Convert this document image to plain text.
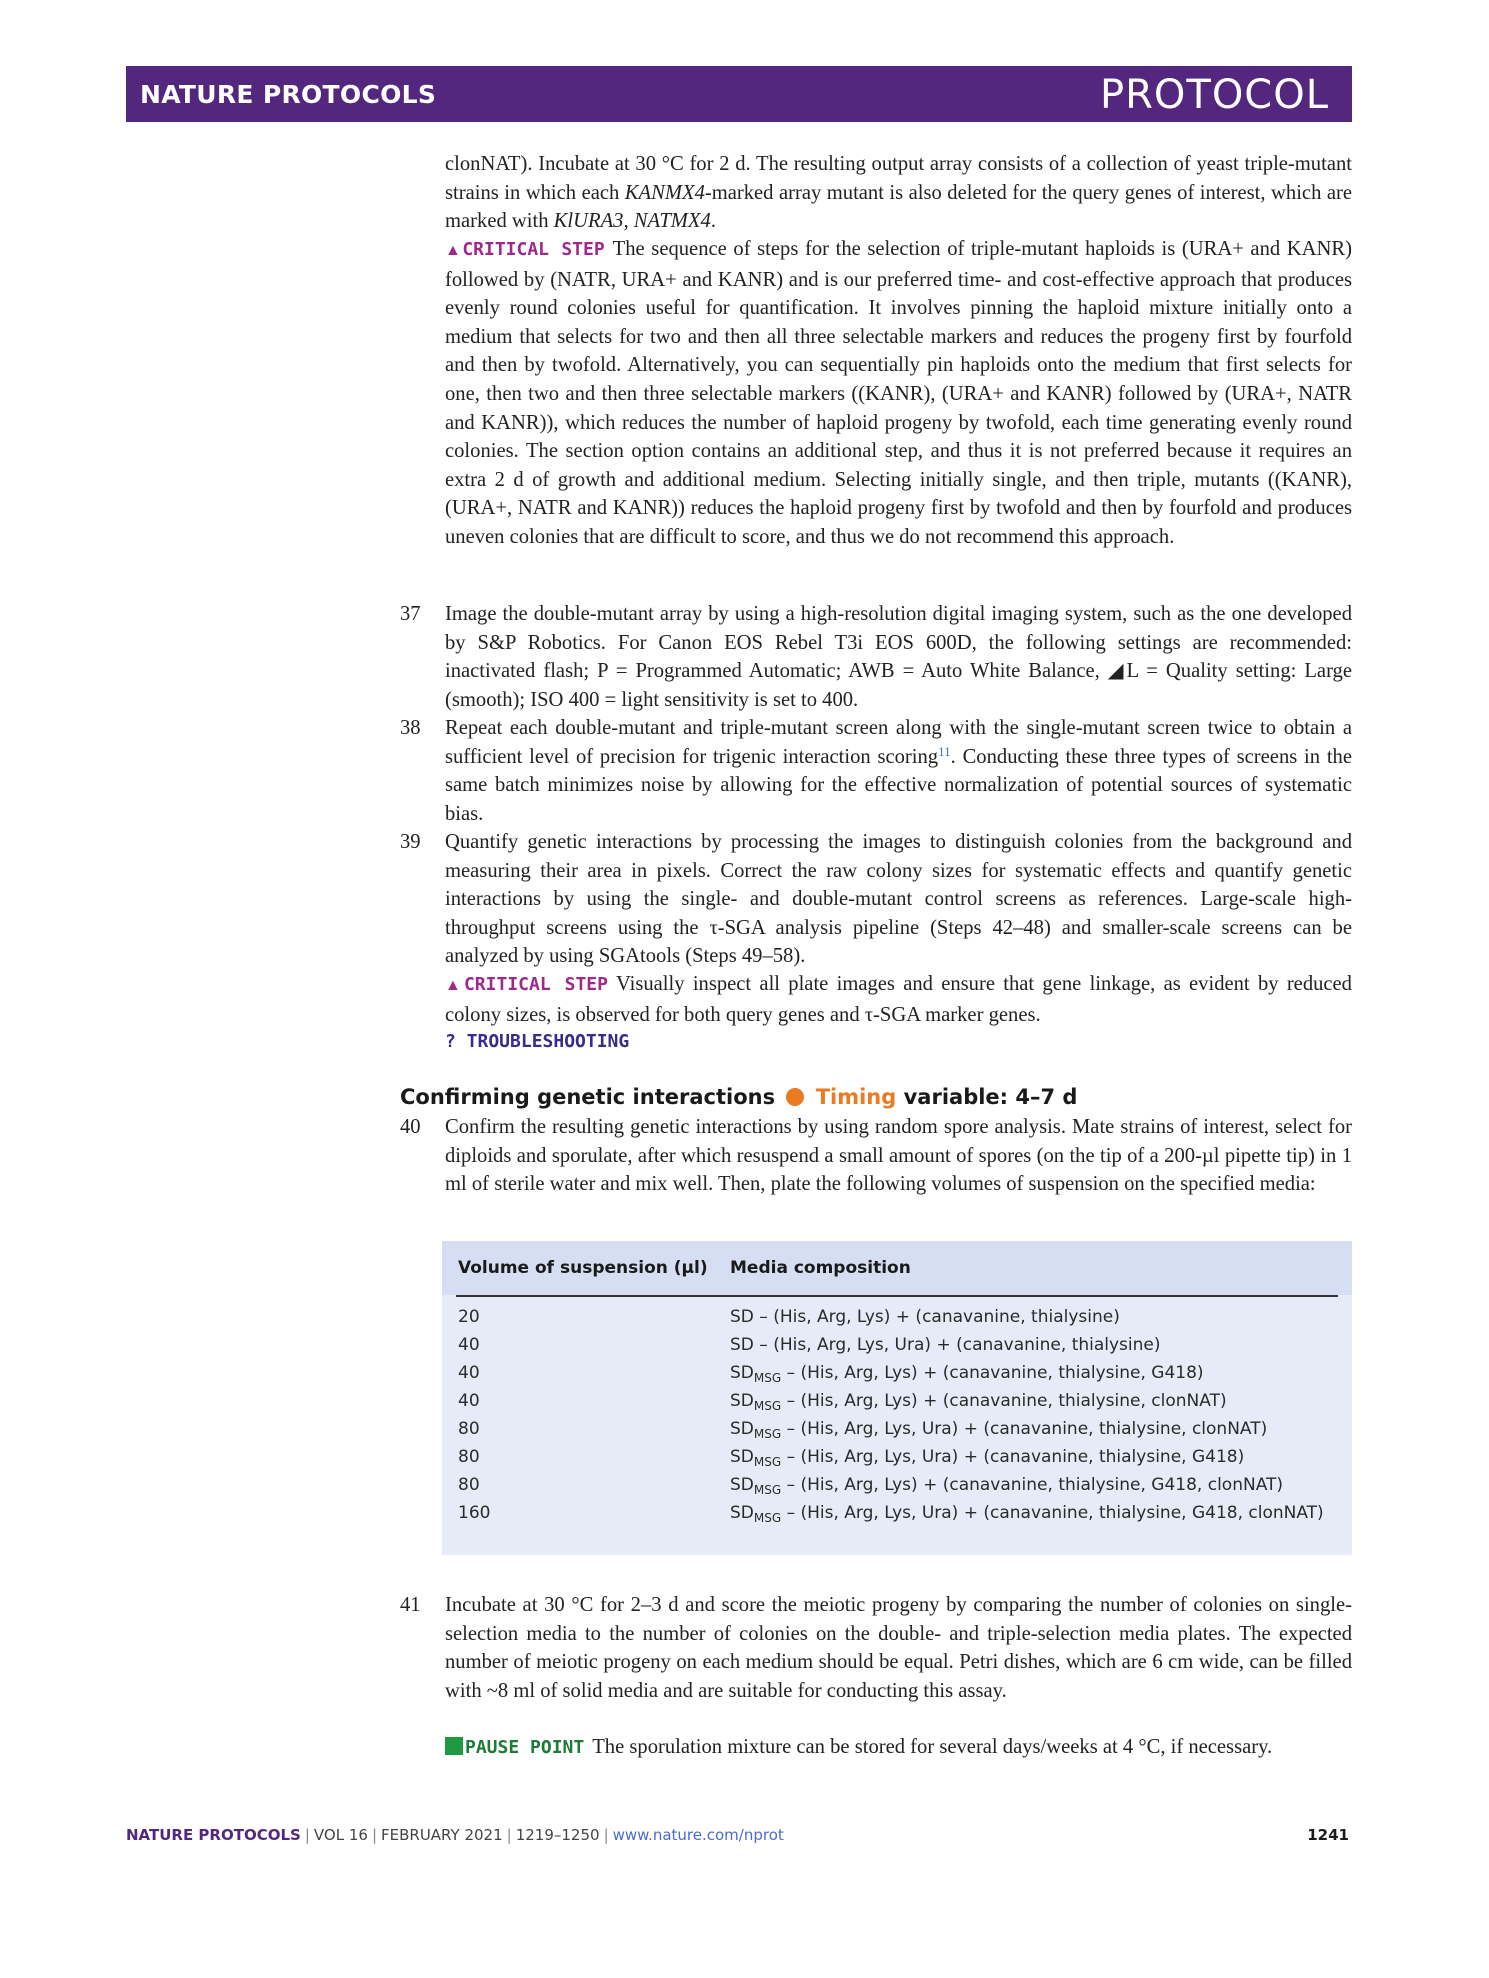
NATURE PROTOCOLS	PROTOCOL
clonNAT). Incubate at 30 °C for 2 d. The resulting output array consists of a collection of yeast triple-mutant strains in which each KANMX4-marked array mutant is also deleted for the query genes of interest, which are marked with KlURA3, NATMX4.
▲CRITICAL STEP The sequence of steps for the selection of triple-mutant haploids is (URA+ and KANR) followed by (NATR, URA+ and KANR) and is our preferred time- and cost-effective approach that produces evenly round colonies useful for quantification. It involves pinning the haploid mixture initially onto a medium that selects for two and then all three selectable markers and reduces the progeny first by fourfold and then by twofold. Alternatively, you can sequentially pin haploids onto the medium that first selects for one, then two and then three selectable markers ((KANR), (URA+ and KANR) followed by (URA+, NATR and KANR)), which reduces the number of haploid progeny by twofold, each time generating evenly round colonies. The section option contains an additional step, and thus it is not preferred because it requires an extra 2 d of growth and additional medium. Selecting initially single, and then triple, mutants ((KANR), (URA+, NATR and KANR)) reduces the haploid progeny first by twofold and then by fourfold and produces uneven colonies that are difficult to score, and thus we do not recommend this approach.
37	Image the double-mutant array by using a high-resolution digital imaging system, such as the one developed by S&P Robotics. For Canon EOS Rebel T3i EOS 600D, the following settings are recommended: inactivated flash; P = Programmed Automatic; AWB = Auto White Balance, ◢L = Quality setting: Large (smooth); ISO 400 = light sensitivity is set to 400.
38	Repeat each double-mutant and triple-mutant screen along with the single-mutant screen twice to obtain a sufficient level of precision for trigenic interaction scoring$^{11}$. Conducting these three types of screens in the same batch minimizes noise by allowing for the effective normalization of potential sources of systematic bias.
39	Quantify genetic interactions by processing the images to distinguish colonies from the background and measuring their area in pixels. Correct the raw colony sizes for systematic effects and quantify genetic interactions by using the single- and double-mutant control screens as references. Large-scale high-throughput screens using the τ-SGA analysis pipeline (Steps 42–48) and smaller-scale screens can be analyzed by using SGAtools (Steps 49–58).
▲CRITICAL STEP Visually inspect all plate images and ensure that gene linkage, as evident by reduced colony sizes, is observed for both query genes and τ-SGA marker genes.
? TROUBLESHOOTING
Confirming genetic interactions Timing variable: 4–7 d
40	Confirm the resulting genetic interactions by using random spore analysis. Mate strains of interest, select for diploids and sporulate, after which resuspend a small amount of spores (on the tip of a 200-µl pipette tip) in 1 ml of sterile water and mix well. Then, plate the following volumes of suspension on the specified media:
Volume of suspension (µl) Media composition
20	SD – (His, Arg, Lys) + (canavanine, thialysine)
40	SD – (His, Arg, Lys, Ura) + (canavanine, thialysine)
40	$SD_{MSG} - (His$, Arg, Lys) + (canavanine, thialysine, G418)
40	$SD_{MSG} - (His$, Arg, Lys) + (canavanine, thialysine, clonNAT)
80	$SD_{MSG} - (His$, Arg, Lys, Ura) + (canavanine, thialysine, clonNAT)
80	$SD_{MSG} - (His$, Arg, Lys, Ura) + (canavanine, thialysine, G418)
80	$SD_{MSG} - (His$, Arg, Lys) + (canavanine, thialysine, G418, clonNAT)
160	$SD_{MSG} - (His$, Arg, Lys, Ura) + (canavanine, thialysine, G418, clonNAT)
41	Incubate at 30 °C for 2–3 d and score the meiotic progeny by comparing the number of colonies on single-selection media to the number of colonies on the double- and triple-selection media plates. The expected number of meiotic progeny on each medium should be equal. Petri dishes, which are 6 cm wide, can be filled with ~8 ml of solid media and are suitable for conducting this assay.
PAUSE POINT The sporulation mixture can be stored for several days/weeks at 4 °C, if necessary.
NATURE PROTOCOLS | VOL 16 | FEBRUARY 2021 | 1219–1250 | www.nature.com/nprot	1241
